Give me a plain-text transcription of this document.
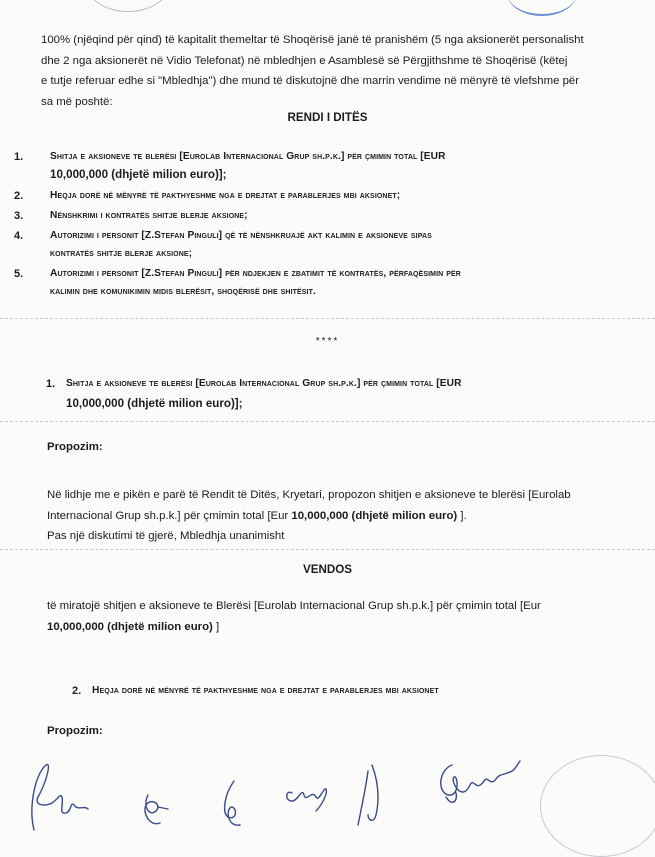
100% (njëqind për qind) të kapitalit themeltar të Shoqërisë janë të pranishëm (5 nga aksionerët personalisht
dhe 2 nga aksionerët në Vidio Telefonat) në mbledhjen e Asamblesë së Përgjithshme të Shoqërisë (këtej
e tutje referuar edhe si "Mbledhja") dhe mund të diskutojnë dhe marrin vendime në mënyrë të vlefshme për
sa më poshtë:

RENDI I DITËS
1.	Shitja e aksioneve te blerësi [Eurolab Internacional Grup sh.p.k.] për çmimin total [EUR
10,000,000 (dhjetë milion euro)];
2.	Heqja dorë në mënyrë të pakthyeshme nga e drejtat e parablerjes mbi aksionet;
3.	Nënshkrimi i kontratës shitje blerje aksione;
4.	Autorizimi i personit [Z.Stefan Pinguli] që të nënshkruajë akt kalimin e aksioneve sipas
kontratës shitje blerje aksione;
5.	Autorizimi i personit [Z.Stefan Pinguli] për ndjekjen e zbatimit të kontratës, përfaqësimin për
kalimin dhe komunikimin midis blerësit, shoqërisë dhe shitësit.
****
1. Shitja e aksioneve te blerësi [Eurolab Internacional Grup sh.p.k.] për çmimin total [EUR
10,000,000 (dhjetë milion euro)];
Propozim:

Në lidhje me e pikën e parë të Rendit të Ditës, Kryetari, propozon shitjen e aksioneve te blerësi [Eurolab
Internacional Grup sh.p.k.] për çmimin total [Eur 10,000,000 (dhjetë milion euro) ].
Pas një diskutimi të gjerë, Mbledhja unanimisht

VENDOS

të miratojë shitjen e aksioneve te Blerësi [Eurolab Internacional Grup sh.p.k.] për çmimin total [Eur
10,000,000 (dhjetë milion euro) ]

2. Heqja dorë në mënyrë të pakthyeshme nga e drejtat e parablerjes mbi aksionet
Propozim:
